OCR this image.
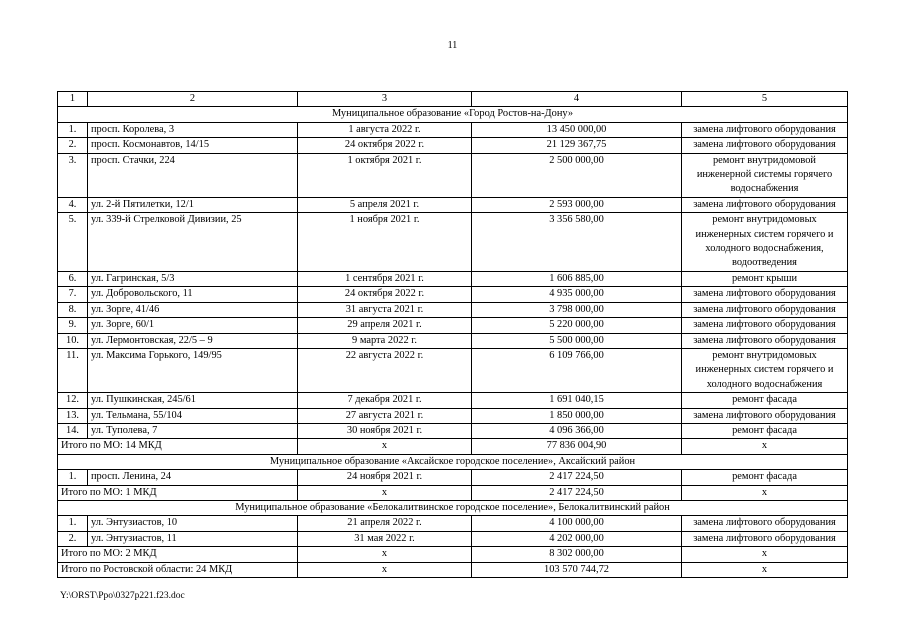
11
1	2	3	4	5
Муниципальное образование «Город Ростов-на-Дону»				
1.	просп. Королева, 3	1 августа 2022 г.	13 450 000,00	замена лифтового оборудования
2.	просп. Космонавтов, 14/15	24 октября 2022 г.	21 129 367,75	замена лифтового оборудования
3.	просп. Стачки, 224	1 октября 2021 г.	2 500 000,00	ремонт внутридомовой инженерной системы горячего водоснабжения
4.	ул. 2-й Пятилетки, 12/1	5 апреля 2021 г.	2 593 000,00	замена лифтового оборудования
5.	ул. 339-й Стрелковой Дивизии, 25	1 ноября 2021 г.	3 356 580,00	ремонт внутридомовых инженерных систем горячего и холодного водоснабжения, водоотведения
6.	ул. Гагринская, 5/3	1 сентября 2021 г.	1 606 885,00	ремонт крыши
7.	ул. Добровольского, 11	24 октября 2022 г.	4 935 000,00	замена лифтового оборудования
8.	ул. Зорге, 41/46	31 августа 2021 г.	3 798 000,00	замена лифтового оборудования
9.	ул. Зорге, 60/1	29 апреля 2021 г.	5 220 000,00	замена лифтового оборудования
10.	ул. Лермонтовская, 22/5 – 9	9 марта 2022 г.	5 500 000,00	замена лифтового оборудования
11.	ул. Максима Горького, 149/95	22 августа 2022 г.	6 109 766,00	ремонт внутридомовых инженерных систем горячего и холодного водоснабжения
12.	ул. Пушкинская, 245/61	7 декабря 2021 г.	1 691 040,15	ремонт фасада
13.	ул. Тельмана, 55/104	27 августа 2021 г.	1 850 000,00	замена лифтового оборудования
14.	ул. Туполева, 7	30 ноября 2021 г.	4 096 366,00	ремонт фасада
Итого по МО: 14 МКД		х	77 836 004,90	х
Муниципальное образование «Аксайское городское поселение», Аксайский район				
1.	просп. Ленина, 24	24 ноября 2021 г.	2 417 224,50	ремонт фасада
Итого по МО: 1 МКД		х	2 417 224,50	х
Муниципальное образование «Белокалитвинское городское поселение», Белокалитвинский район				
1.	ул. Энтузиастов, 10	21 апреля 2022 г.	4 100 000,00	замена лифтового оборудования
2.	ул. Энтузиастов, 11	31 мая 2022 г.	4 202 000,00	замена лифтового оборудования
Итого по МО: 2 МКД		х	8 302 000,00	х
Итого по Ростовской области: 24 МКД		х	103 570 744,72	х
Y:\ORST\Ppo\0327p221.f23.doc
